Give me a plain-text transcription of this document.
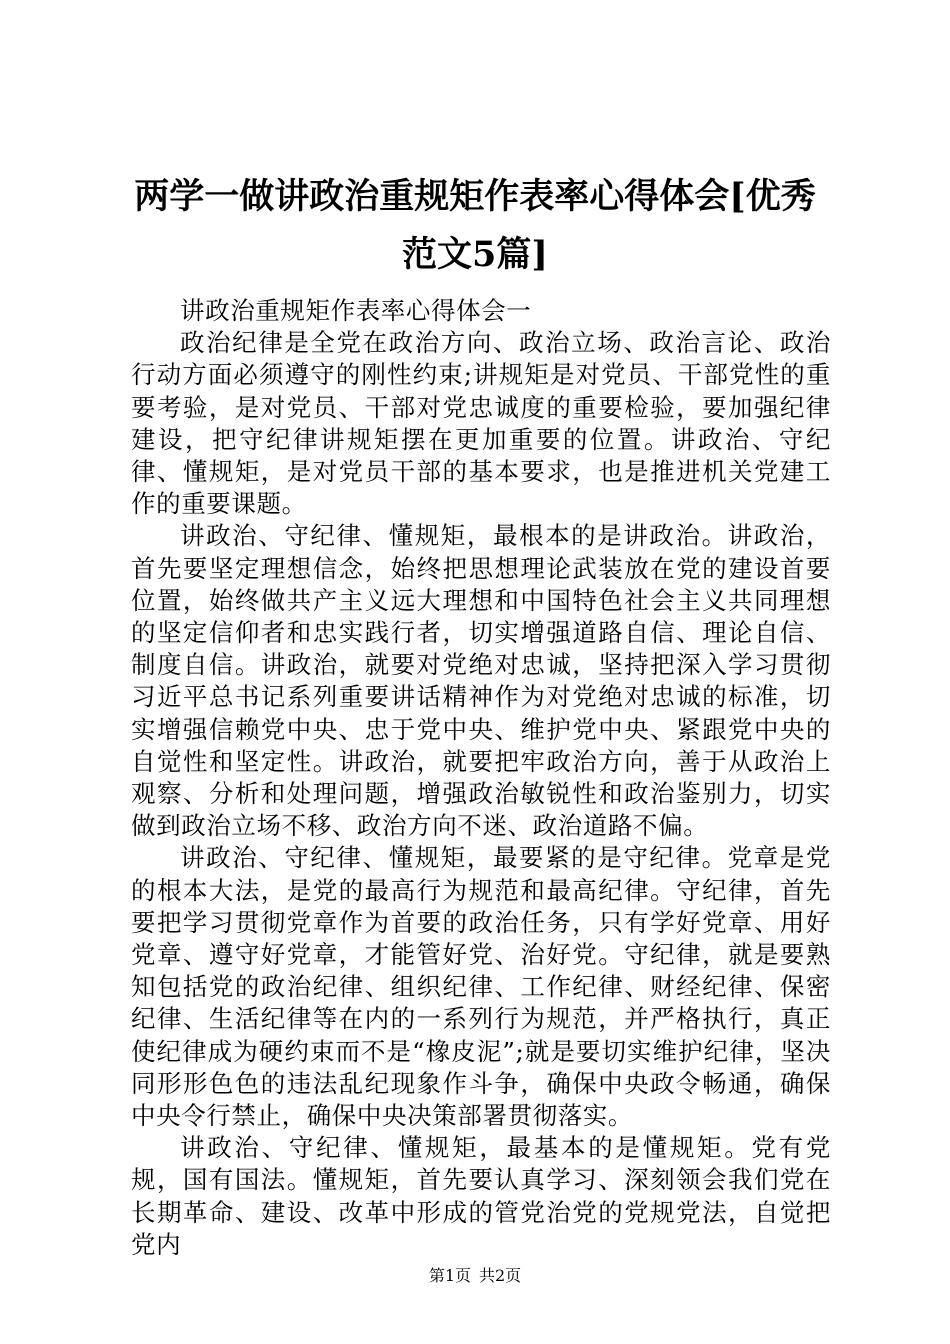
两学一做讲政治重规矩作表率心得体会[优秀
范文5篇]

讲政治重规矩作表率心得体会一

政治纪律是全党在政治方向、政治立场、政治言论、政治行动方面必须遵守的刚性约束;讲规矩是对党员、干部党性的重要考验，是对党员、干部对党忠诚度的重要检验，要加强纪律建设，把守纪律讲规矩摆在更加重要的位置。讲政治、守纪律、懂规矩，是对党员干部的基本要求，也是推进机关党建工作的重要课题。

讲政治、守纪律、懂规矩，最根本的是讲政治。讲政治，首先要坚定理想信念，始终把思想理论武装放在党的建设首要位置，始终做共产主义远大理想和中国特色社会主义共同理想的坚定信仰者和忠实践行者，切实增强道路自信、理论自信、制度自信。讲政治，就要对党绝对忠诚，坚持把深入学习贯彻习近平总书记系列重要讲话精神作为对党绝对忠诚的标准，切实增强信赖党中央、忠于党中央、维护党中央、紧跟党中央的自觉性和坚定性。讲政治，就要把牢政治方向，善于从政治上观察、分析和处理问题，增强政治敏锐性和政治鉴别力，切实做到政治立场不移、政治方向不迷、政治道路不偏。

讲政治、守纪律、懂规矩，最要紧的是守纪律。党章是党的根本大法，是党的最高行为规范和最高纪律。守纪律，首先要把学习贯彻党章作为首要的政治任务，只有学好党章、用好党章、遵守好党章，才能管好党、治好党。守纪律，就是要熟知包括党的政治纪律、组织纪律、工作纪律、财经纪律、保密纪律、生活纪律等在内的一系列行为规范，并严格执行，真正使纪律成为硬约束而不是“橡皮泥”;就是要切实维护纪律，坚决同形形色色的违法乱纪现象作斗争，确保中央政令畅通，确保中央令行禁止，确保中央决策部署贯彻落实。

讲政治、守纪律、懂规矩，最基本的是懂规矩。党有党规，国有国法。懂规矩，首先要认真学习、深刻领会我们党在长期革命、建设、改革中形成的管党治党的党规党法，自觉把党内

第1页 共2页
